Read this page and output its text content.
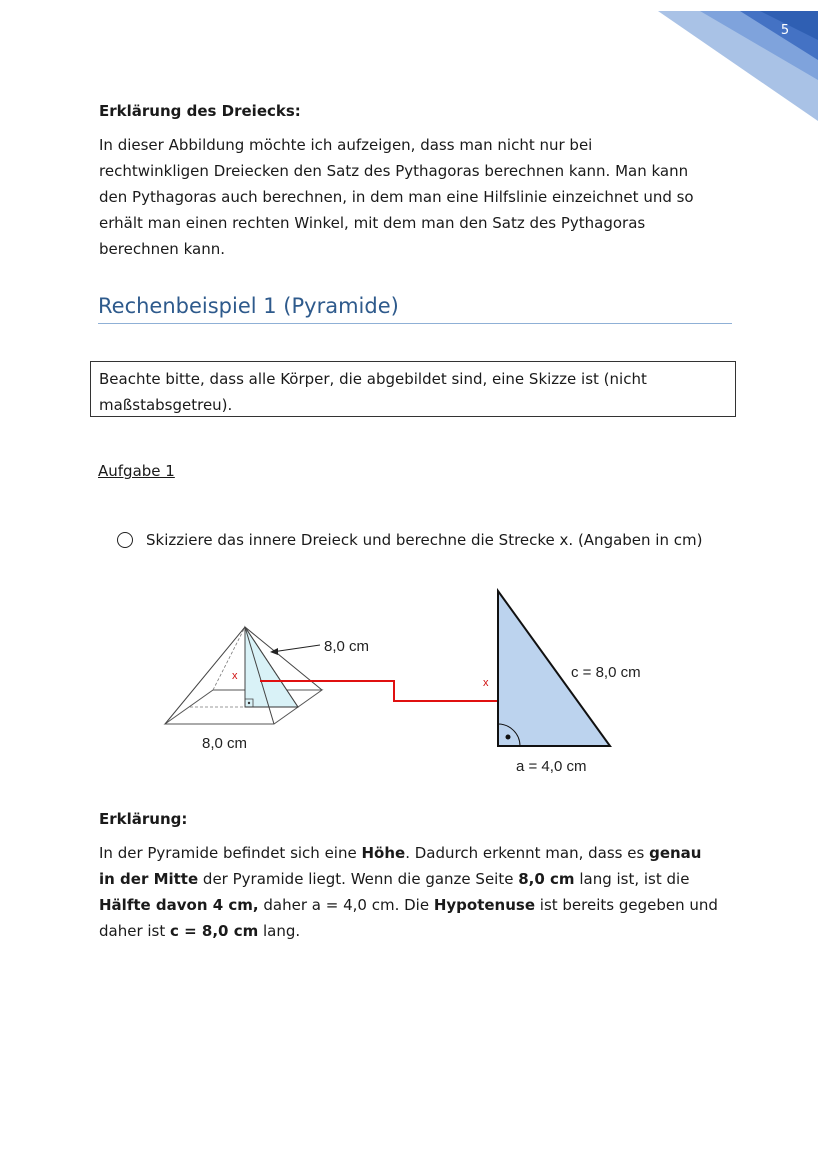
5
Erklärung des Dreiecks:
In dieser Abbildung möchte ich aufzeigen, dass man nicht nur bei
rechtwinkligen Dreiecken den Satz des Pythagoras berechnen kann. Man kann
den Pythagoras auch berechnen, in dem man eine Hilfslinie einzeichnet und so
erhält man einen rechten Winkel, mit dem man den Satz des Pythagoras
berechnen kann.
Rechenbeispiel 1 (Pyramide)
Beachte bitte, dass alle Körper, die abgebildet sind, eine Skizze ist (nicht
maßstabsgetreu).
Aufgabe 1
Skizziere das innere Dreieck und berechne die Strecke x. (Angaben in cm)
8,0 cm
x
8,0 cm
x
c = 8,0 cm
a = 4,0 cm
Erklärung:
In der Pyramide befindet sich eine Höhe. Dadurch erkennt man, dass es genau
in der Mitte der Pyramide liegt. Wenn die ganze Seite 8,0 cm lang ist, ist die
Hälfte davon 4 cm, daher a = 4,0 cm. Die Hypotenuse ist bereits gegeben und
daher ist c = 8,0 cm lang.
